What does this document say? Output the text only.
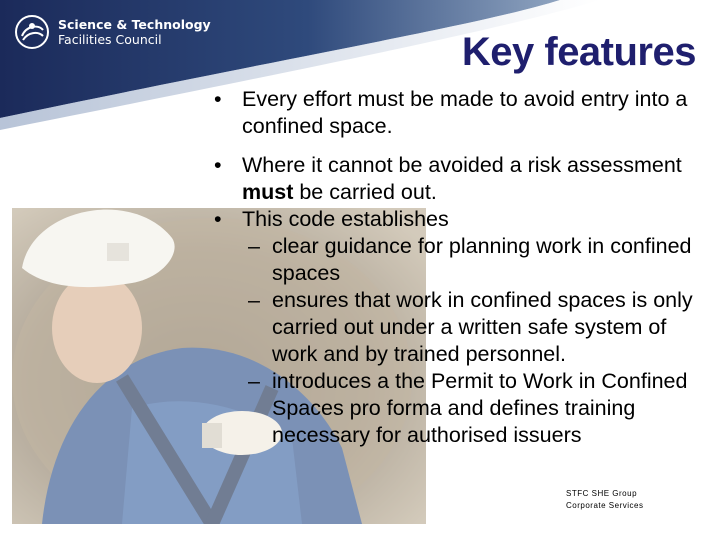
Science & Technology
Facilities Council	Key features
• Every effort must be made to avoid entry into a confined space.
• Where it cannot be avoided a risk assessment must be carried out.
• This code establishes
– clear guidance for planning work in confined spaces
– ensures that work in confined spaces is only carried out under a written safe system of work and by trained personnel.
– introduces a the Permit to Work in Confined Spaces pro forma and defines training necessary for authorised issuers
STFC SHE Group
Corporate Services
